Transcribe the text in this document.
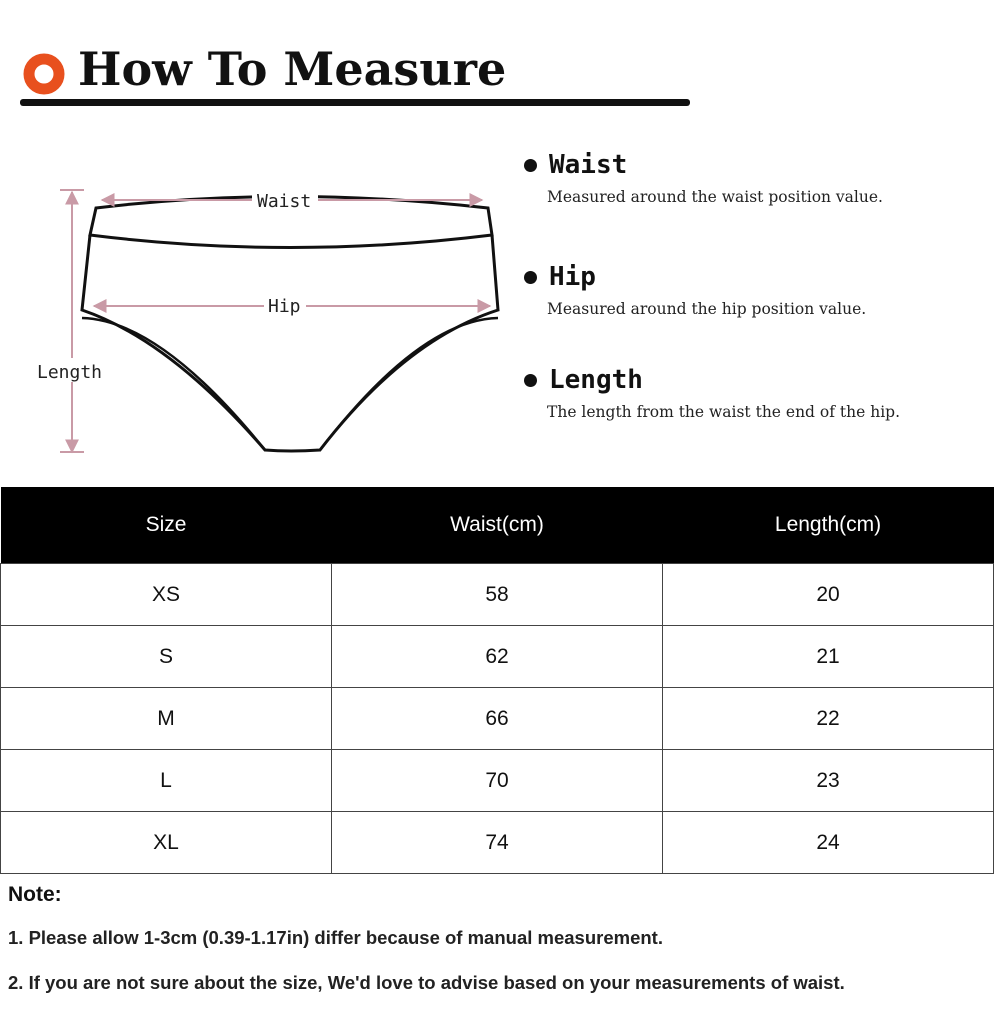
How To Measure
Waist
Hip
Length
Waist
Measured around the waist position value.
Hip
Measured around the hip position value.
Length
The length from the waist the end of the hip.
Size	Waist(cm)	Length(cm)
XS	58	20
S	62	21
M	66	22
L	70	23
XL	74	24
Note:
1. Please allow 1-3cm (0.39-1.17in) differ because of manual measurement.
2. If you are not sure about the size, We'd love to advise based on your measurements of waist.
